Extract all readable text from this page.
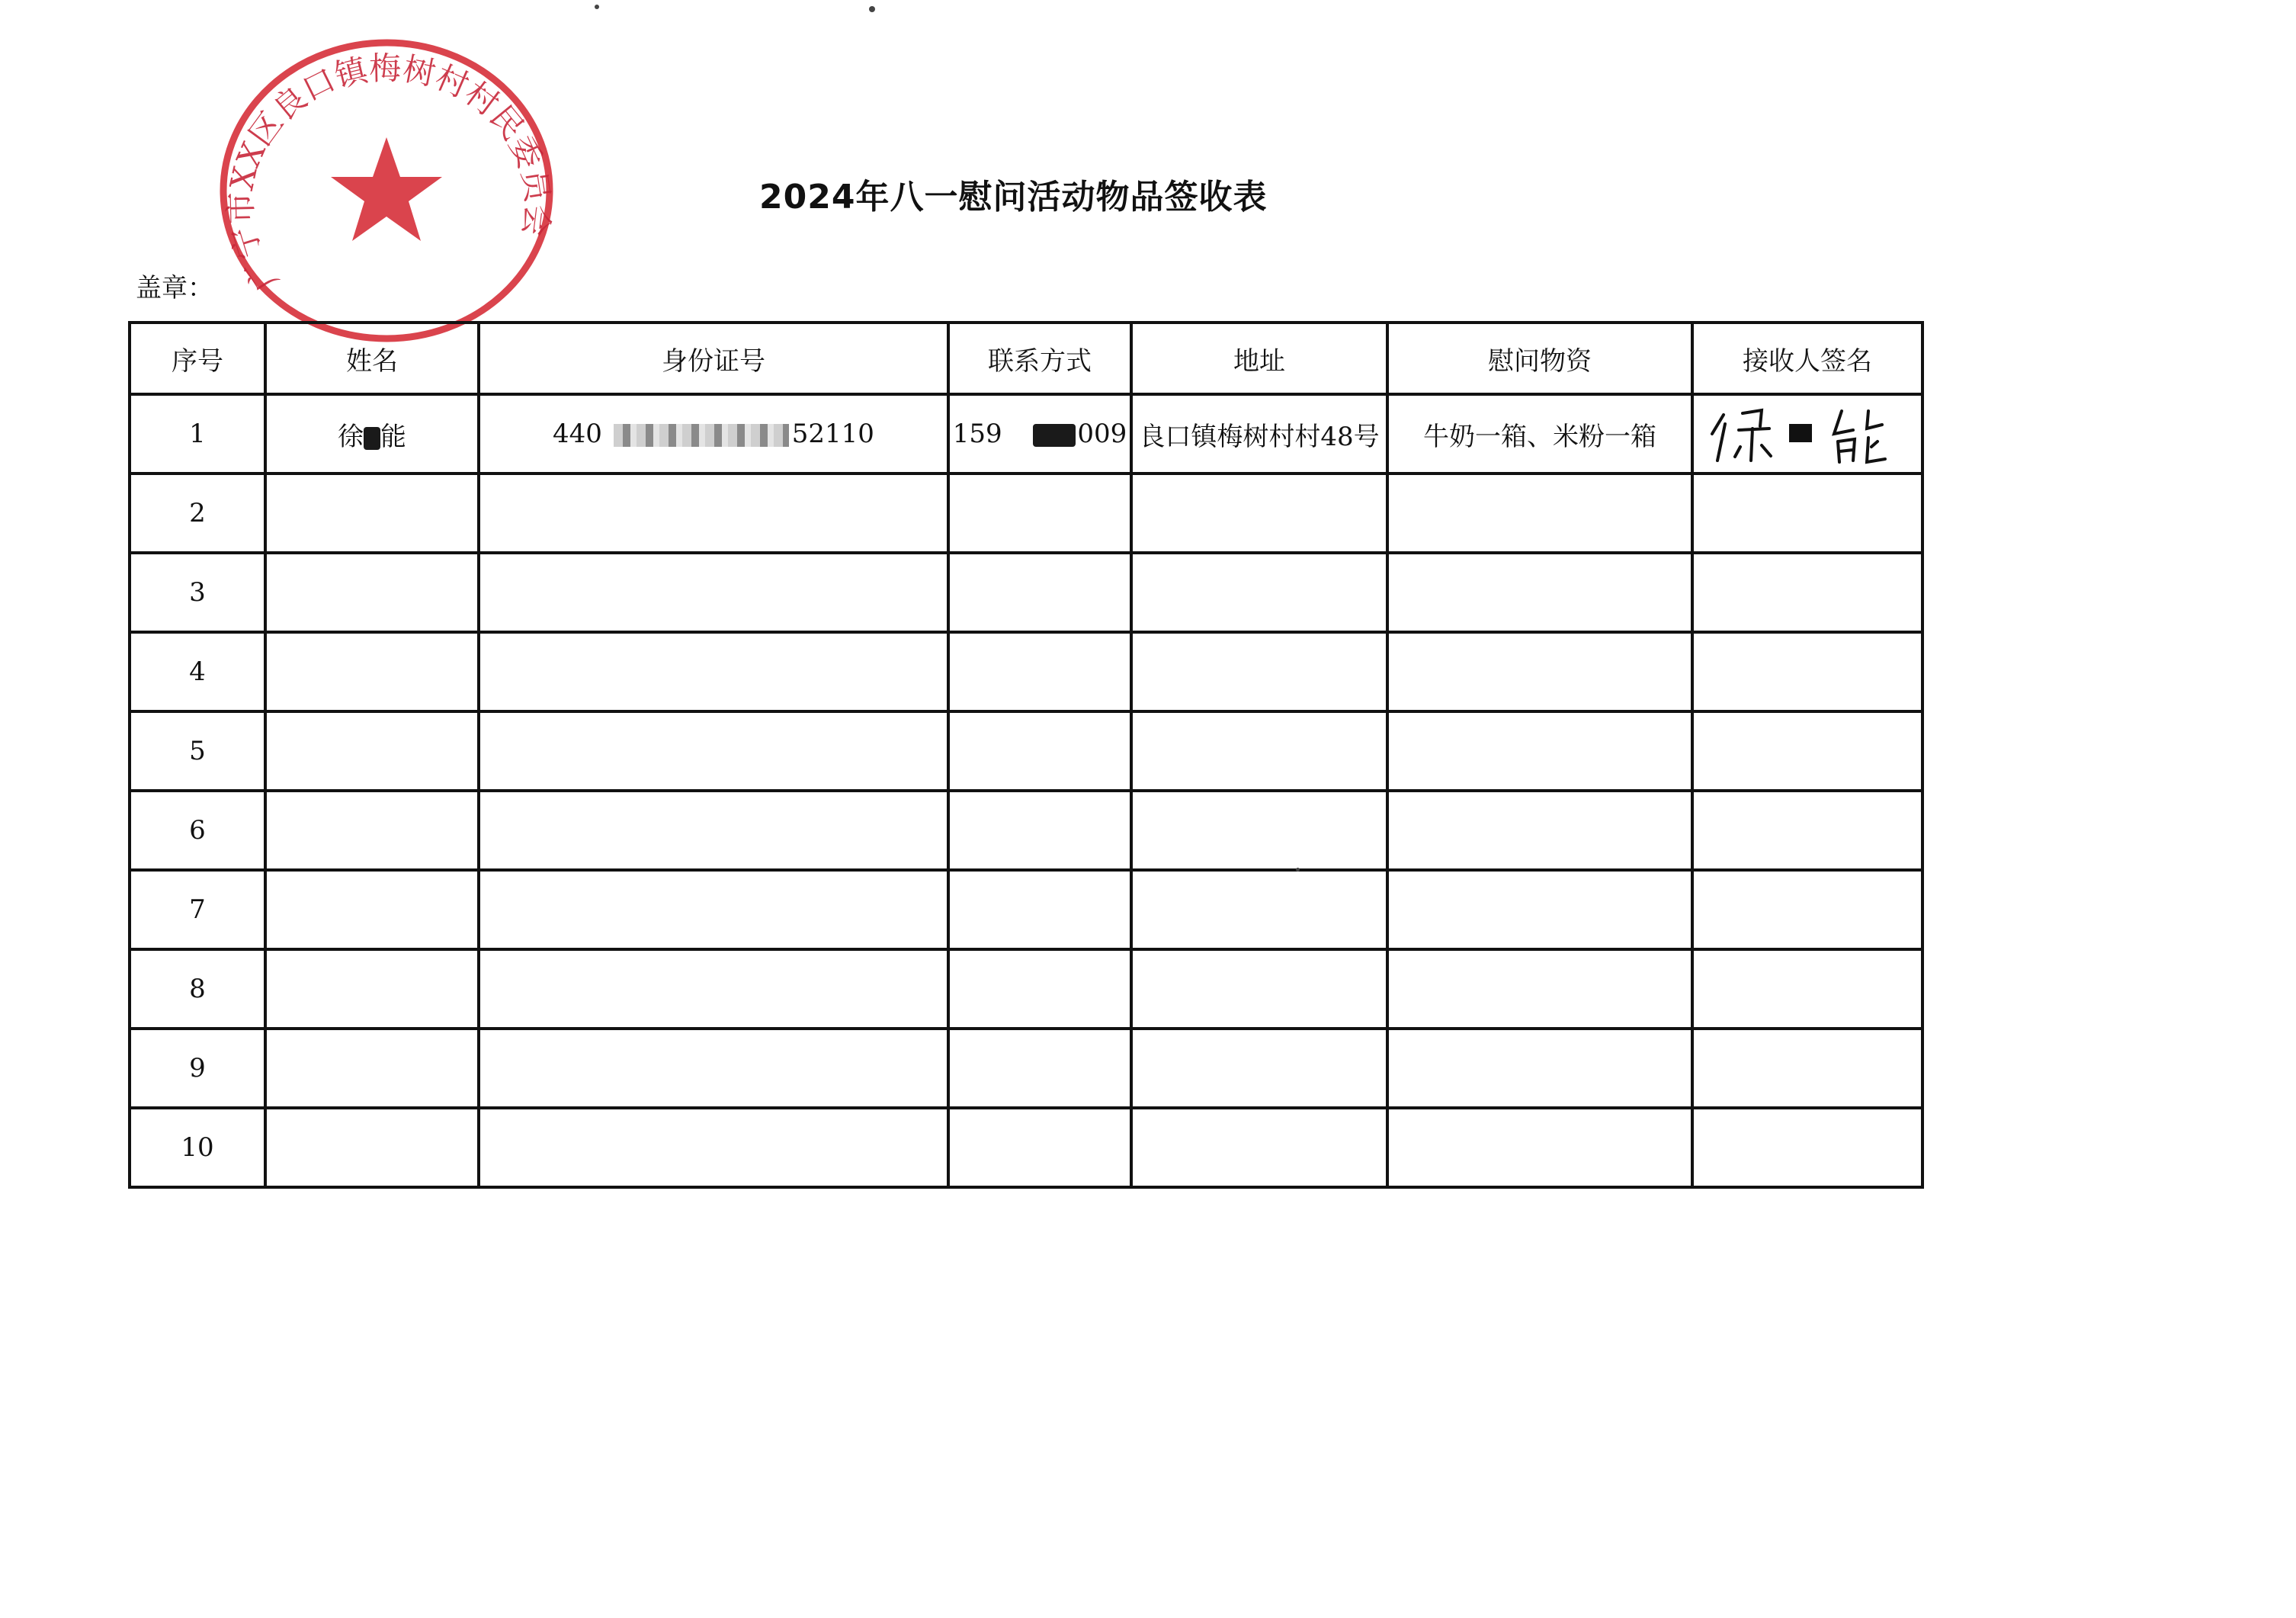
2024年八一慰问活动物品签收表
盖章： 广宁市XX区良口镇梅树村村民委员会
序号	姓名	身份证号	联系方式	地址	慰问物资	接收人签名
1	徐 能	440 52110	159 009	良口镇梅树村村48号	牛奶一箱、米粉一箱	
2						
3						
4						
5						
6						
7						
8						
9						
10						
